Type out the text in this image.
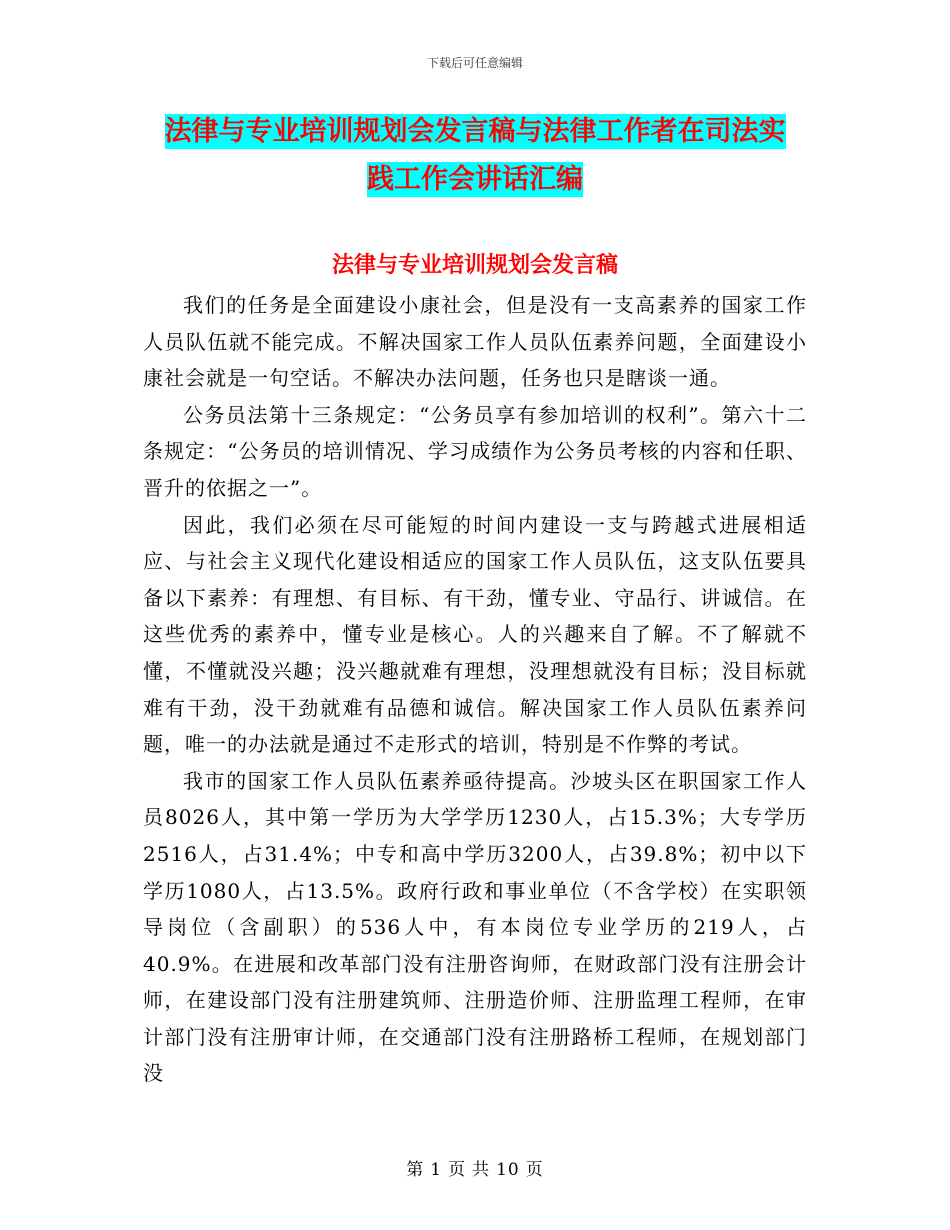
下载后可任意编辑
法律与专业培训规划会发言稿与法律工作者在司法实
践工作会讲话汇编
法律与专业培训规划会发言稿

我们的任务是全面建设小康社会，但是没有一支高素养的国家工作人员队伍就不能完成。不解决国家工作人员队伍素养问题，全面建设小康社会就是一句空话。不解决办法问题，任务也只是瞎谈一通。

公务员法第十三条规定：“公务员享有参加培训的权利”。第六十二条规定：“公务员的培训情况、学习成绩作为公务员考核的内容和任职、晋升的依据之一”。

因此，我们必须在尽可能短的时间内建设一支与跨越式进展相适应、与社会主义现代化建设相适应的国家工作人员队伍，这支队伍要具备以下素养：有理想、有目标、有干劲，懂专业、守品行、讲诚信。在这些优秀的素养中，懂专业是核心。人的兴趣来自了解。不了解就不懂，不懂就没兴趣；没兴趣就难有理想，没理想就没有目标；没目标就难有干劲，没干劲就难有品德和诚信。解决国家工作人员队伍素养问题，唯一的办法就是通过不走形式的培训，特别是不作弊的考试。

我市的国家工作人员队伍素养亟待提高。沙坡头区在职国家工作人员8026人，其中第一学历为大学学历1230人，占15.3%；大专学历2516人，占31.4%；中专和高中学历3200人，占39.8%；初中以下学历1080人，占13.5%。政府行政和事业单位（不含学校）在实职领导岗位（含副职）的536人中，有本岗位专业学历的219人，占40.9%。在进展和改革部门没有注册咨询师，在财政部门没有注册会计师，在建设部门没有注册建筑师、注册造价师、注册监理工程师，在审计部门没有注册审计师，在交通部门没有注册路桥工程师，在规划部门没

第 1 页 共 10 页
